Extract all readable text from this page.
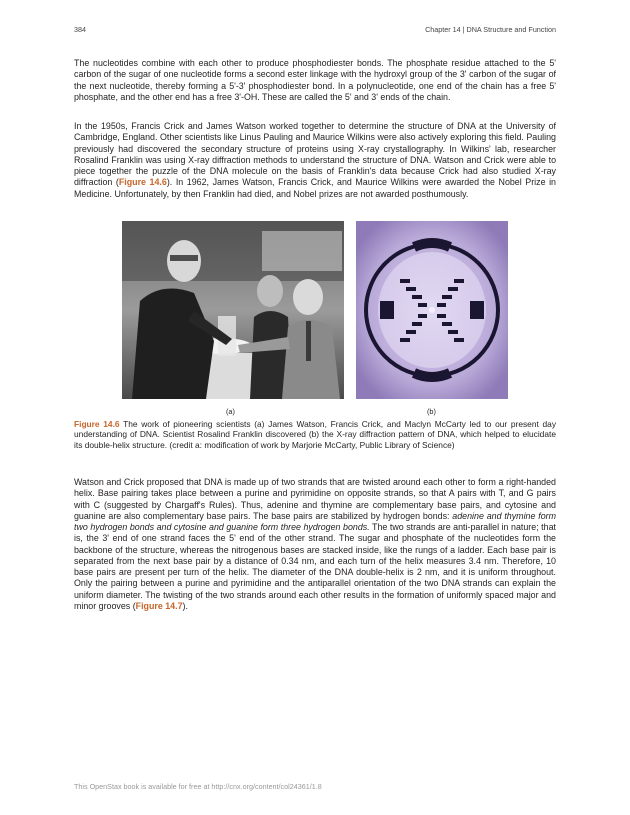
384	Chapter 14 | DNA Structure and Function

The nucleotides combine with each other to produce phosphodiester bonds. The phosphate residue attached to the 5' carbon of the sugar of one nucleotide forms a second ester linkage with the hydroxyl group of the 3' carbon of the sugar of the next nucleotide, thereby forming a 5'-3' phosphodiester bond. In a polynucleotide, one end of the chain has a free 5' phosphate, and the other end has a free 3'-OH. These are called the 5' and 3' ends of the chain.

In the 1950s, Francis Crick and James Watson worked together to determine the structure of DNA at the University of Cambridge, England. Other scientists like Linus Pauling and Maurice Wilkins were also actively exploring this field. Pauling previously had discovered the secondary structure of proteins using X-ray crystallography. In Wilkins' lab, researcher Rosalind Franklin was using X-ray diffraction methods to understand the structure of DNA. Watson and Crick were able to piece together the puzzle of the DNA molecule on the basis of Franklin's data because Crick had also studied X-ray diffraction (Figure 14.6). In 1962, James Watson, Francis Crick, and Maurice Wilkins were awarded the Nobel Prize in Medicine. Unfortunately, by then Franklin had died, and Nobel prizes are not awarded posthumously.

(a)	(b)

Figure 14.6 The work of pioneering scientists (a) James Watson, Francis Crick, and Maclyn McCarty led to our present day understanding of DNA. Scientist Rosalind Franklin discovered (b) the X-ray diffraction pattern of DNA, which helped to elucidate its double-helix structure. (credit a: modification of work by Marjorie McCarty, Public Library of Science)

Watson and Crick proposed that DNA is made up of two strands that are twisted around each other to form a right-handed helix. Base pairing takes place between a purine and pyrimidine on opposite strands, so that A pairs with T, and G pairs with C (suggested by Chargaff's Rules). Thus, adenine and thymine are complementary base pairs, and cytosine and guanine are also complementary base pairs. The base pairs are stabilized by hydrogen bonds: adenine and thymine form two hydrogen bonds and cytosine and guanine form three hydrogen bonds. The two strands are anti-parallel in nature; that is, the 3' end of one strand faces the 5' end of the other strand. The sugar and phosphate of the nucleotides form the backbone of the structure, whereas the nitrogenous bases are stacked inside, like the rungs of a ladder. Each base pair is separated from the next base pair by a distance of 0.34 nm, and each turn of the helix measures 3.4 nm. Therefore, 10 base pairs are present per turn of the helix. The diameter of the DNA double-helix is 2 nm, and it is uniform throughout. Only the pairing between a purine and pyrimidine and the antiparallel orientation of the two DNA strands can explain the uniform diameter. The twisting of the two strands around each other results in the formation of uniformly spaced major and minor grooves (Figure 14.7).

This OpenStax book is available for free at http://cnx.org/content/col24361/1.8
